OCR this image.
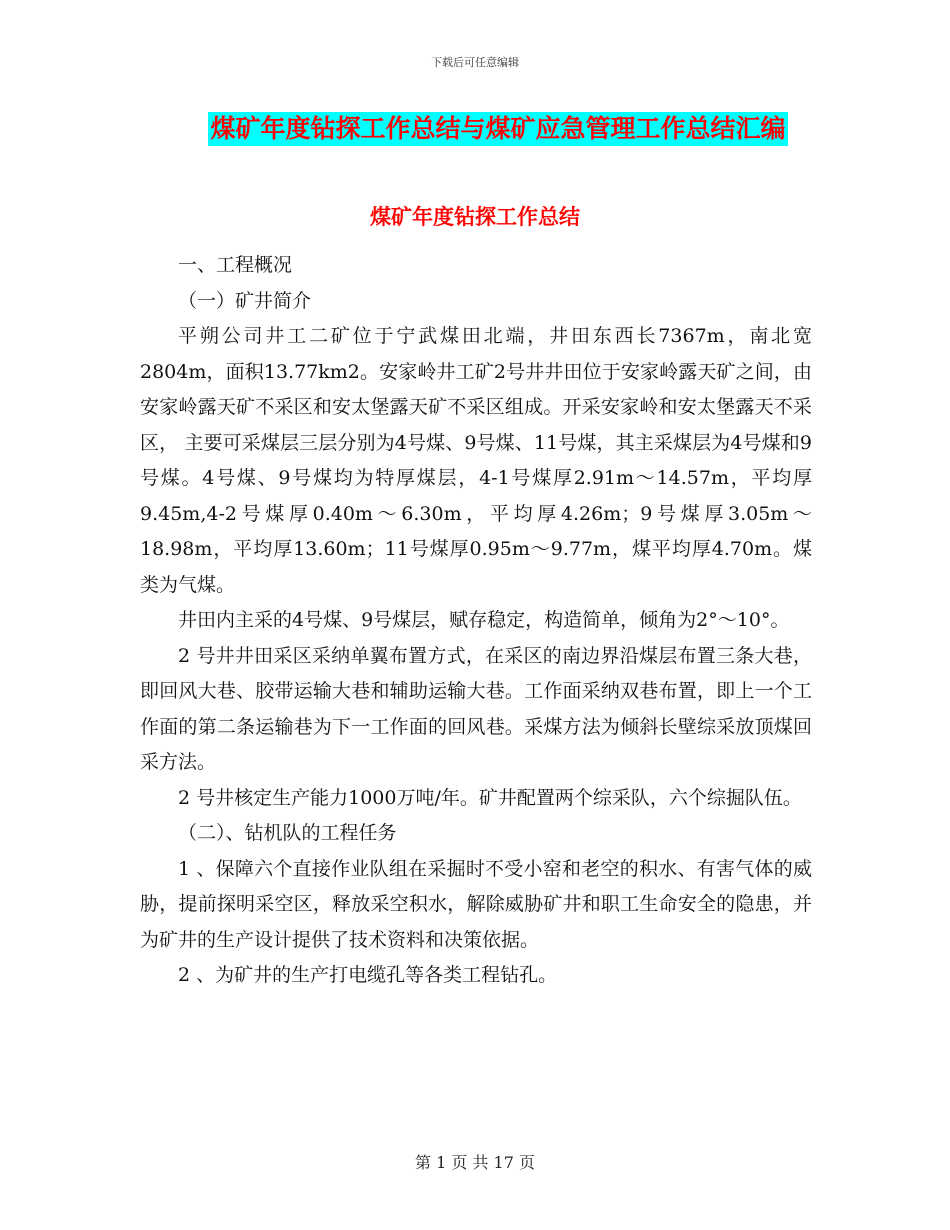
下载后可任意编辑
煤矿年度钻探工作总结与煤矿应急管理工作总结汇编
煤矿年度钻探工作总结

一、工程概况

（一）矿井简介

平朔公司井工二矿位于宁武煤田北端，井田东西长7367m，南北宽2804m，面积13.77km2。安家岭井工矿2号井井田位于安家岭露天矿之间，由安家岭露天矿不采区和安太堡露天矿不采区组成。开采安家岭和安太堡露天不采区， 主要可采煤层三层分别为4号煤、9号煤、11号煤，其主采煤层为4号煤和9号煤。4号煤、9号煤均为特厚煤层，4-1号煤厚2.91m～14.57m，平均厚9.45m,4-2号煤厚0.40m～6.30m，平均厚4.26m；9号煤厚3.05m～18.98m，平均厚13.60m；11号煤厚0.95m～9.77m，煤平均厚4.70m。煤类为气煤。

井田内主采的4号煤、9号煤层，赋存稳定，构造简单，倾角为2°～10°。

2 号井井田采区采纳单翼布置方式，在采区的南边界沿煤层布置三条大巷，即回风大巷、胶带运输大巷和辅助运输大巷。工作面采纳双巷布置，即上一个工作面的第二条运输巷为下一工作面的回风巷。采煤方法为倾斜长壁综采放顶煤回采方法。

2 号井核定生产能力1000万吨/年。矿井配置两个综采队，六个综掘队伍。

（二）、钻机队的工程任务

1 、保障六个直接作业队组在采掘时不受小窑和老空的积水、有害气体的威胁，提前探明采空区，释放采空积水，解除威胁矿井和职工生命安全的隐患，并为矿井的生产设计提供了技术资料和决策依据。

2 、为矿井的生产打电缆孔等各类工程钻孔。

第 1 页 共 17 页
